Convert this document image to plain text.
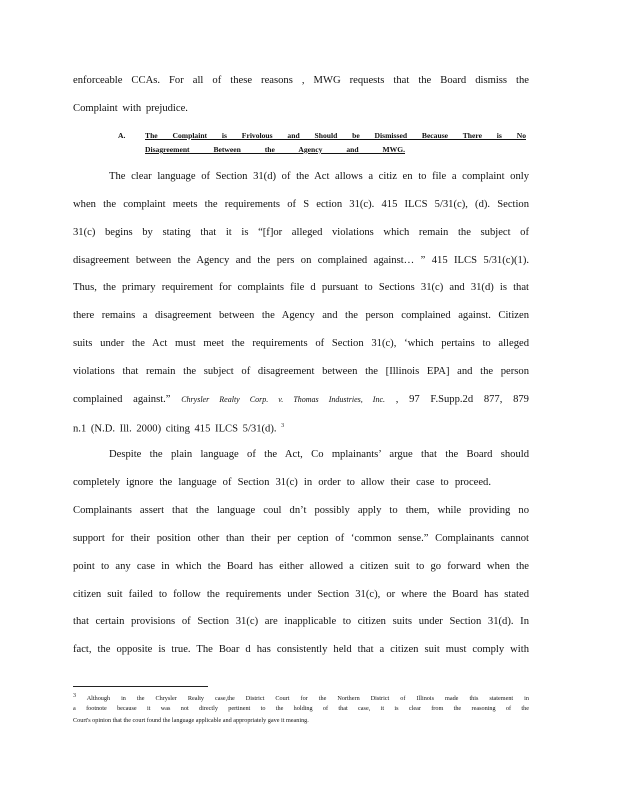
enforceable CCAs. For all of these reasons , MWG requests that the Board dismiss the
Complaint with prejudice.
A.	The Complaint is Frivolous and Should be Dismissed Because There is No
Disagreement Between the Agency and MWG.
The clear language of Section 31(d) of the Act allows a citiz en to file a complaint only
when the complaint meets the requirements of S ection 31(c). 415 ILCS 5/31(c), (d). Section
31(c) begins by stating that it is “[f]or alleged violations which remain the subject of
disagreement between the Agency and the pers on complained against… ” 415 ILCS 5/31(c)(1).
Thus, the primary requirement for complaints file d pursuant to Sections 31(c) and 31(d) is that
there remains a disagreement between the Agency and the person complained against. Citizen
suits under the Act must meet the requirements of Section 31(c), ‘which pertains to alleged
violations that remain the subject of disagreement between the [Illinois EPA] and the person
complained against.” Chrysler Realty Corp. v. Thomas Industries, Inc. , 97 F.Supp.2d 877, 879
n.1 (N.D. Ill. 2000) citing 415 ILCS 5/31(d). $^3$
Despite the plain language of the Act, Co mplainants’ argue that the Board should
completely ignore the language of Section 31(c) in order to allow their case to proceed.
Complainants assert that the language coul dn’t possibly apply to them, while providing no
support for their position other than their per ception of ‘common sense.” Complainants cannot
point to any case in which the Board has either allowed a citizen suit to go forward when the
citizen suit failed to follow the requirements under Section 31(c), or where the Board has stated
that certain provisions of Section 31(c) are inapplicable to citizen suits under Section 31(d). In
fact, the opposite is true. The Boar d has consistently held that a citizen suit must comply with
3 Although in the Chrysler Realty case,the District Court for the Northern District of Illinois made this statement in
a footnote because it was not directly pertinent to the holding of that case, it is clear from the reasoning of the
Court's opinion that the court found the language applicable and appropriately gave it meaning.
